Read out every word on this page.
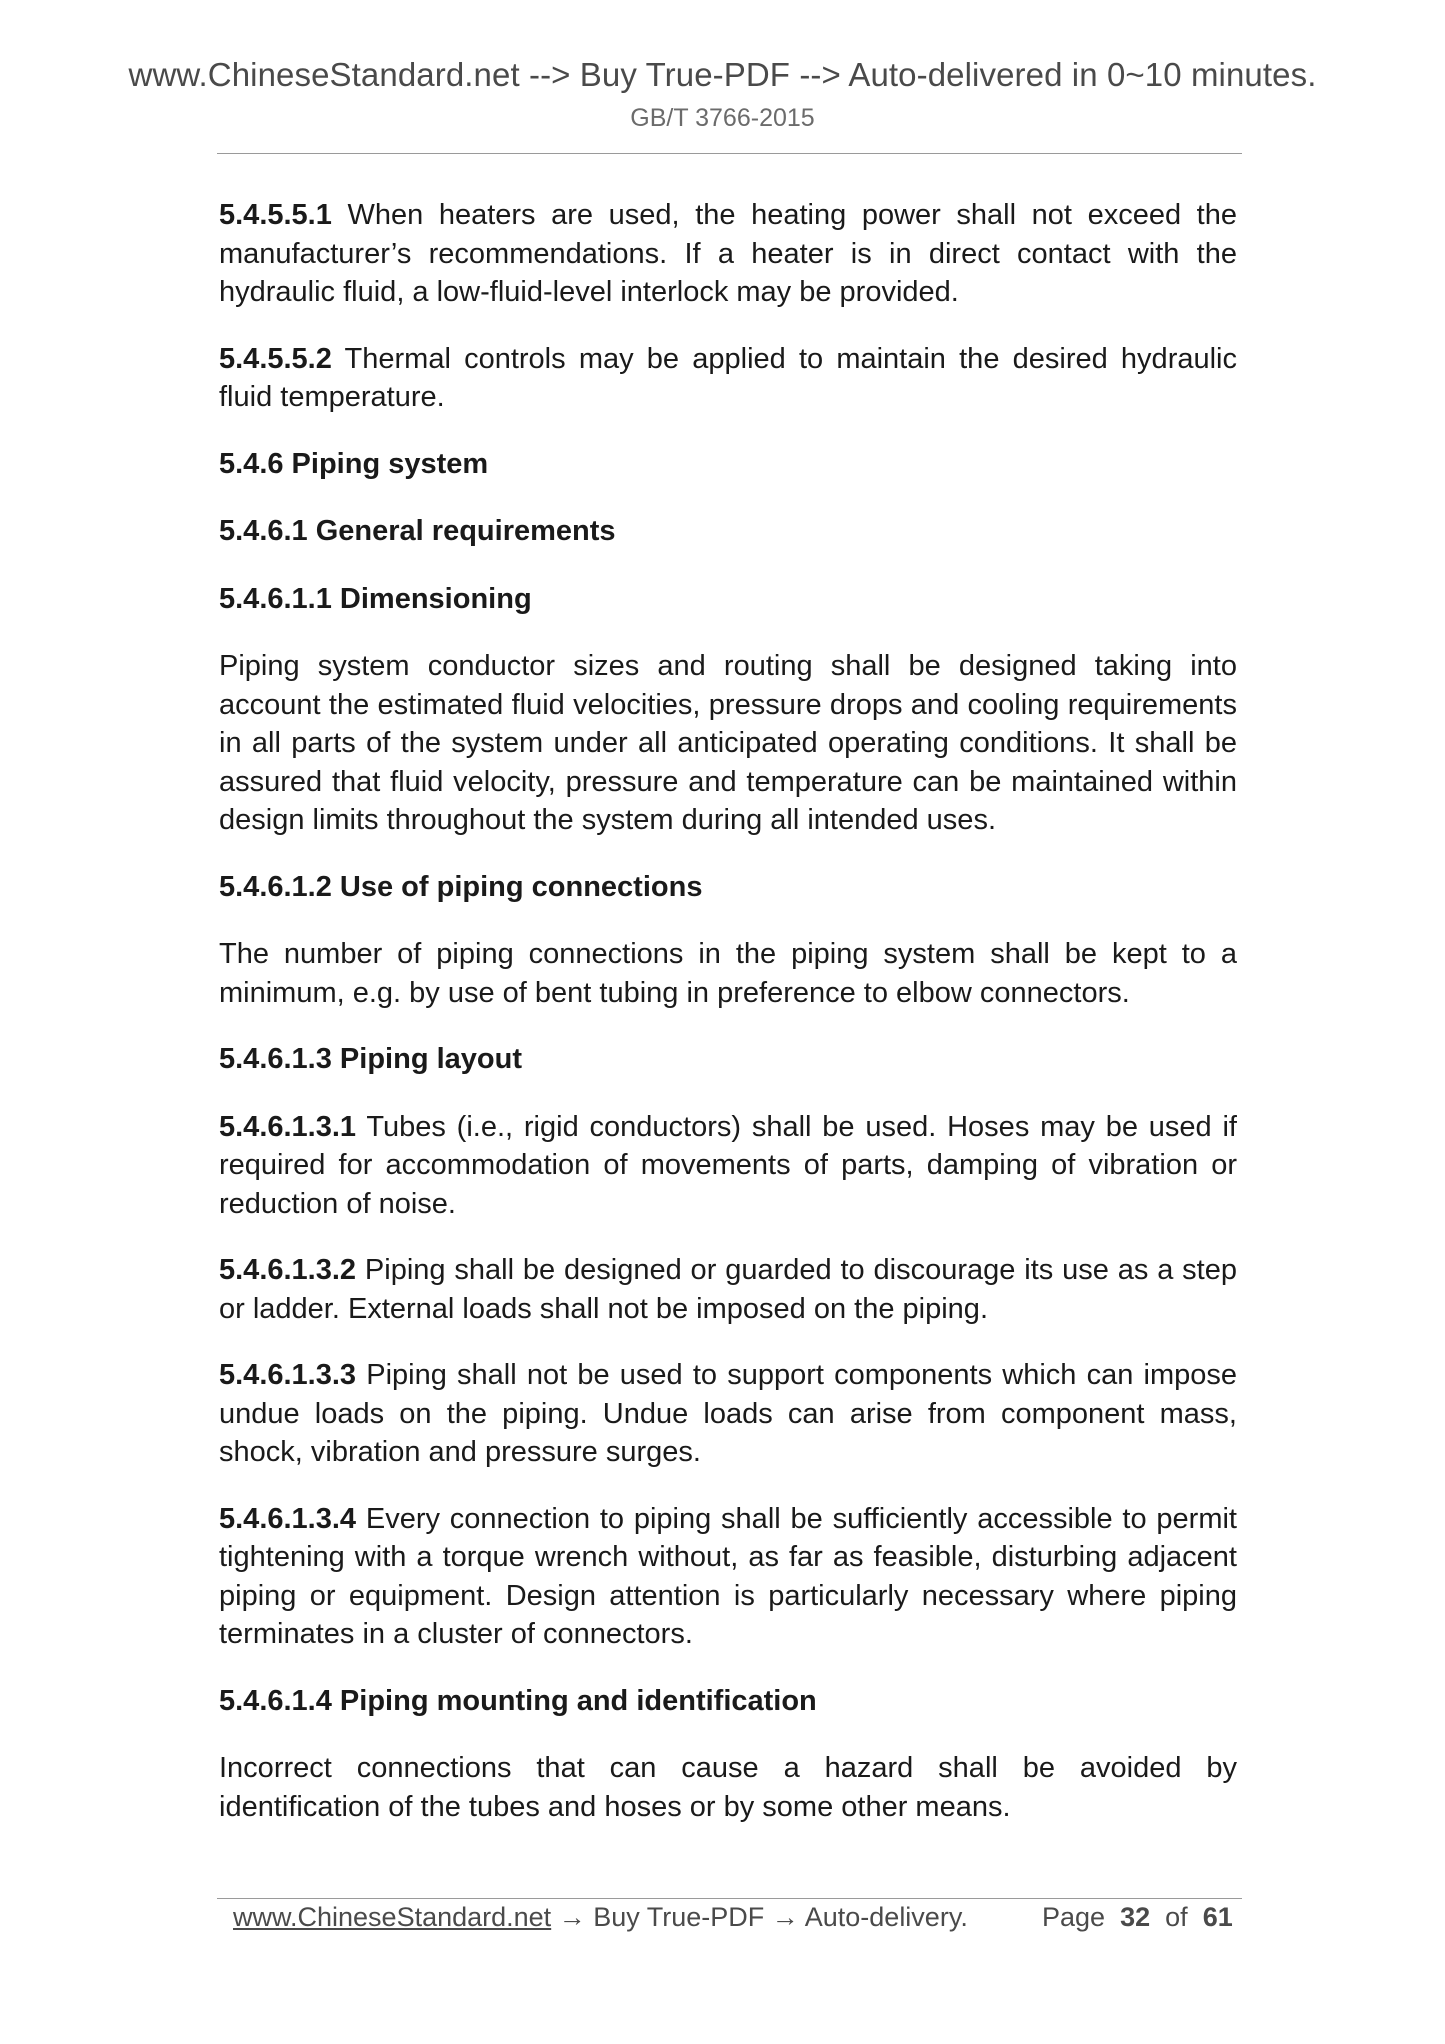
www.ChineseStandard.net --> Buy True-PDF --> Auto-delivered in 0~10 minutes.
GB/T 3766-2015

5.4.5.5.1 When heaters are used, the heating power shall not exceed the manufacturer’s recommendations. If a heater is in direct contact with the hydraulic fluid, a low-fluid-level interlock may be provided.

5.4.5.5.2 Thermal controls may be applied to maintain the desired hydraulic fluid temperature.

5.4.6 Piping system
5.4.6.1 General requirements
5.4.6.1.1 Dimensioning

Piping system conductor sizes and routing shall be designed taking into account the estimated fluid velocities, pressure drops and cooling requirements in all parts of the system under all anticipated operating conditions. It shall be assured that fluid velocity, pressure and temperature can be maintained within design limits throughout the system during all intended uses.

5.4.6.1.2 Use of piping connections

The number of piping connections in the piping system shall be kept to a minimum, e.g. by use of bent tubing in preference to elbow connectors.

5.4.6.1.3 Piping layout

5.4.6.1.3.1 Tubes (i.e., rigid conductors) shall be used. Hoses may be used if required for accommodation of movements of parts, damping of vibration or reduction of noise.

5.4.6.1.3.2 Piping shall be designed or guarded to discourage its use as a step or ladder. External loads shall not be imposed on the piping.

5.4.6.1.3.3 Piping shall not be used to support components which can impose undue loads on the piping. Undue loads can arise from component mass, shock, vibration and pressure surges.

5.4.6.1.3.4 Every connection to piping shall be sufficiently accessible to permit tightening with a torque wrench without, as far as feasible, disturbing adjacent piping or equipment. Design attention is particularly necessary where piping terminates in a cluster of connectors.

5.4.6.1.4 Piping mounting and identification

Incorrect connections that can cause a hazard shall be avoided by identification of the tubes and hoses or by some other means.

www.ChineseStandard.net → Buy True-PDF → Auto-delivery.	Page 32 of 61
